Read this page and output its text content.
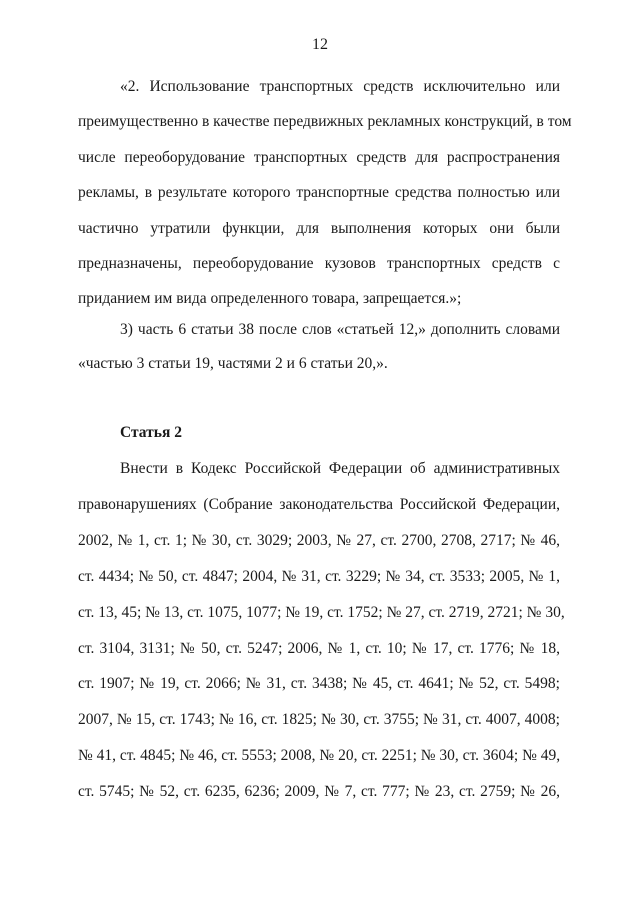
12
«2. Использование транспортных средств исключительно или
преимущественно в качестве передвижных рекламных конструкций, в том
числе переоборудование транспортных средств для распространения
рекламы, в результате которого транспортные средства полностью или
частично утратили функции, для выполнения которых они были
предназначены, переоборудование кузовов транспортных средств с
приданием им вида определенного товара, запрещается.»;
3) часть 6 статьи 38 после слов «статьей 12,» дополнить словами
«частью 3 статьи 19, частями 2 и 6 статьи 20,».
Статья 2
Внести в Кодекс Российской Федерации об административных
правонарушениях (Собрание законодательства Российской Федерации,
2002, № 1, ст. 1; № 30, ст. 3029; 2003, № 27, ст. 2700, 2708, 2717; № 46,
ст. 4434; № 50, ст. 4847; 2004, № 31, ст. 3229; № 34, ст. 3533; 2005, № 1,
ст. 13, 45; № 13, ст. 1075, 1077; № 19, ст. 1752; № 27, ст. 2719, 2721; № 30,
ст. 3104, 3131; № 50, ст. 5247; 2006, № 1, ст. 10; № 17, ст. 1776; № 18,
ст. 1907; № 19, ст. 2066; № 31, ст. 3438; № 45, ст. 4641; № 52, ст. 5498;
2007, № 15, ст. 1743; № 16, ст. 1825; № 30, ст. 3755; № 31, ст. 4007, 4008;
№ 41, ст. 4845; № 46, ст. 5553; 2008, № 20, ст. 2251; № 30, ст. 3604; № 49,
ст. 5745; № 52, ст. 6235, 6236; 2009, № 7, ст. 777; № 23, ст. 2759; № 26,
